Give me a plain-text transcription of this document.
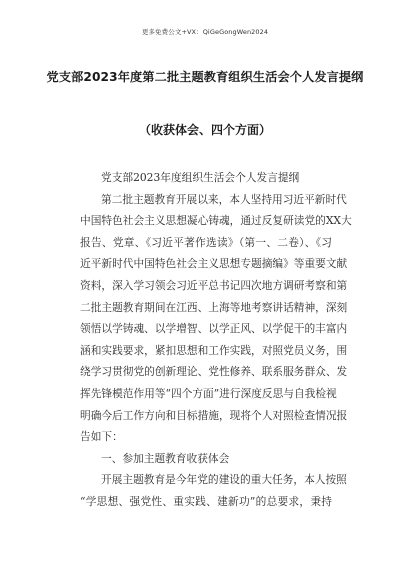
更多免费公文+VX：QiGeGongWen2024
党支部2023年度第二批主题教育组织生活会个人发言提纲
（收获体会、四个方面）
党支部2023年度组织生活会个人发言提纲
第二批主题教育开展以来，本人坚持用习近平新时代
中国特色社会主义思想凝心铸魂，通过反复研读党的XX大
报告、党章、《习近平著作选读》（第一、二卷）、《习
近平新时代中国特色社会主义思想专题摘编》等重要文献
资料，深入学习领会习近平总书记四次地方调研考察和第
二批主题教育期间在江西、上海等地考察讲话精神，深刻
领悟以学铸魂、以学增智、以学正风、以学促干的丰富内
涵和实践要求，紧扣思想和工作实践，对照党员义务，围
绕学习贯彻党的创新理论、党性修养、联系服务群众、发
挥先锋模范作用等“四个方面”进行深度反思与自我检视
明确今后工作方向和目标措施，现将个人对照检查情况报
告如下：
一、参加主题教育收获体会
开展主题教育是今年党的建设的重大任务，本人按照
“学思想、强党性、重实践、建新功”的总要求，秉持
